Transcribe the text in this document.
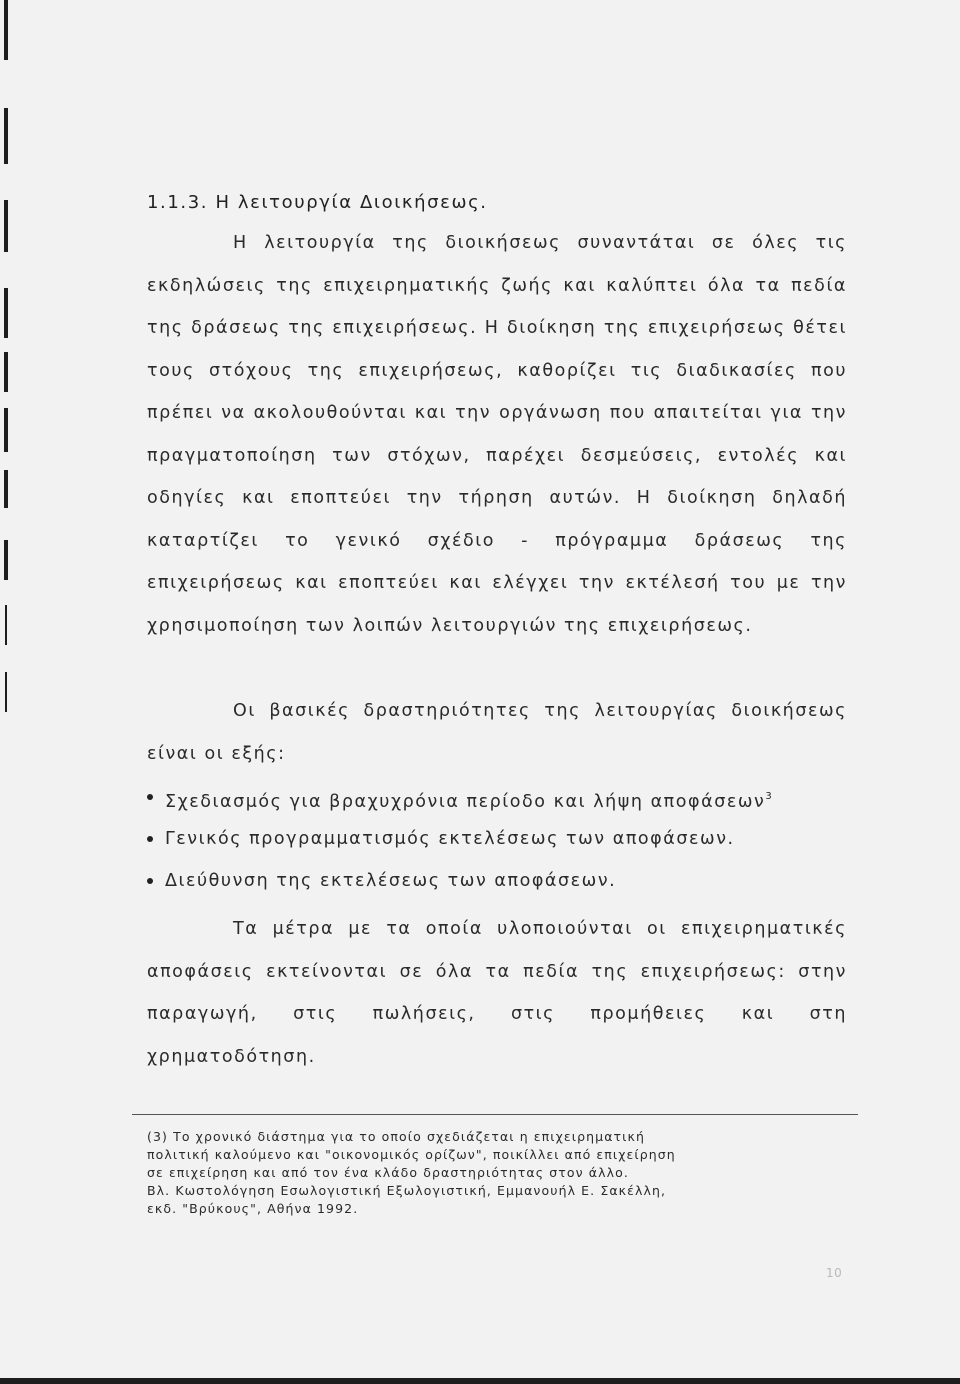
1.1.3. Η λειτουργία Διοικήσεως.

Η λειτουργία της διοικήσεως συναντάται σε όλες τις εκδηλώσεις της επιχειρηματικής ζωής και καλύπτει όλα τα πεδία της δράσεως της επιχειρήσεως. Η διοίκηση της επιχειρήσεως θέτει τους στόχους της επιχειρήσεως, καθορίζει τις διαδικασίες που πρέπει να ακολουθούνται και την οργάνωση που απαιτείται για την πραγματοποίηση των στόχων, παρέχει δεσμεύσεις, εντολές και οδηγίες και εποπτεύει την τήρηση αυτών. Η διοίκηση δηλαδή καταρτίζει το γενικό σχέδιο - πρόγραμμα δράσεως της επιχειρήσεως και εποπτεύει και ελέγχει την εκτέλεσή του με την χρησιμοποίηση των λοιπών λειτουργιών της επιχειρήσεως.

Οι βασικές δραστηριότητες της λειτουργίας διοικήσεως είναι οι εξής:

Σχεδιασμός για βραχυχρόνια περίοδο και λήψη αποφάσεων$^3$
Γενικός προγραμματισμός εκτελέσεως των αποφάσεων.
Διεύθυνση της εκτελέσεως των αποφάσεων.

Τα μέτρα με τα οποία υλοποιούνται οι επιχειρηματικές αποφάσεις εκτείνονται σε όλα τα πεδία της επιχειρήσεως: στην παραγωγή, στις πωλήσεις, στις προμήθειες και στη χρηματοδότηση.

(3) Το χρονικό διάστημα για το οποίο σχεδιάζεται η επιχειρηματική
πολιτική καλούμενο και "οικονομικός ορίζων", ποικίλλει από επιχείρηση
σε επιχείρηση και από τον ένα κλάδο δραστηριότητας στον άλλο.
Βλ. Κωστολόγηση Εσωλογιστική Εξωλογιστική, Εμμανουήλ Ε. Σακέλλη,
εκδ. "Βρύκους", Αθήνα 1992.
10
